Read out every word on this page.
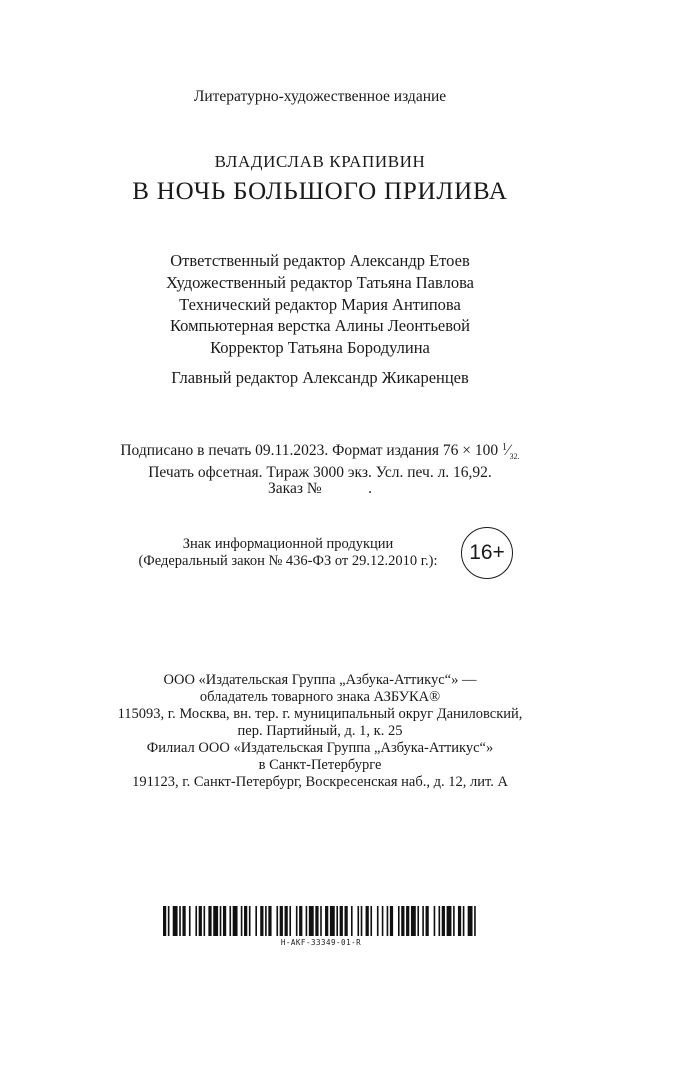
Литературно-художественное издание
ВЛАДИСЛАВ КРАПИВИН
В НОЧЬ БОЛЬШОГО ПРИЛИВА
Ответственный редактор Александр Етоев
Художественный редактор Татьяна Павлова
Технический редактор Мария Антипова
Компьютерная верстка Алины Леонтьевой
Корректор Татьяна Бородулина
Главный редактор Александр Жикаренцев
Подписано в печать 09.11.2023. Формат издания 76 × 100 $^1⁄_{32.}$
Печать офсетная. Тираж 3000 экз. Усл. печ. л. 16,92.
Заказ №            .
Знак информационной продукции
(Федеральный закон № 436-ФЗ от 29.12.2010 г.):	16+
ООО «Издательская Группа „Азбука-Аттикус“» —
обладатель товарного знака АЗБУКА®
115093, г. Москва, вн. тер. г. муниципальный округ Даниловский,
пер. Партийный, д. 1, к. 25
Филиал ООО «Издательская Группа „Азбука-Аттикус“»
в Санкт-Петербурге
191123, г. Санкт-Петербург, Воскресенская наб., д. 12, лит. А
H-AKF-33349-01-R
